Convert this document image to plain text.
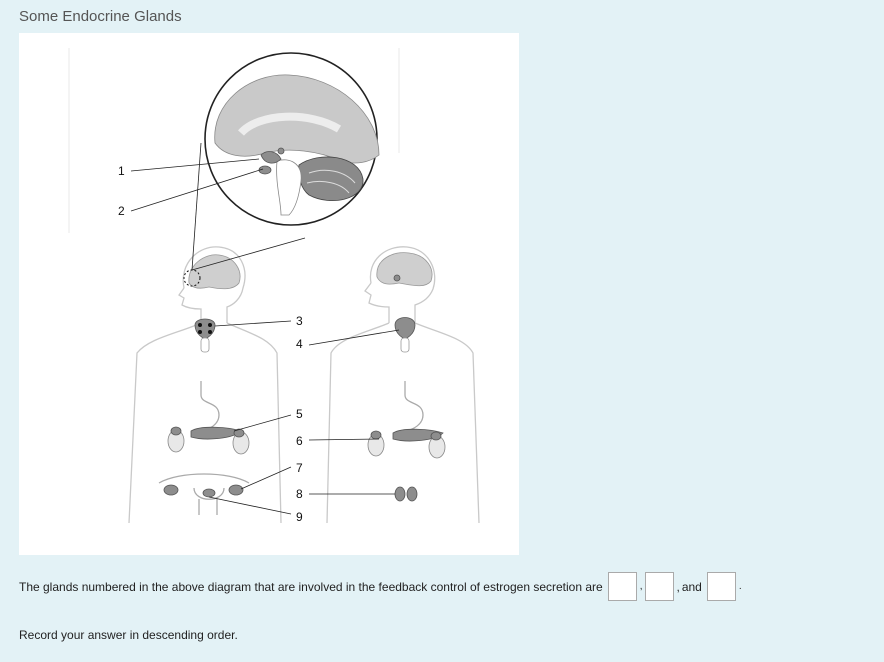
Some Endocrine Glands
1
2
3
4
5
6
7
8
9
The glands numbered in the above diagram that are involved in the feedback control of estrogen secretion are	,	, and	.
Record your answer in descending order.
